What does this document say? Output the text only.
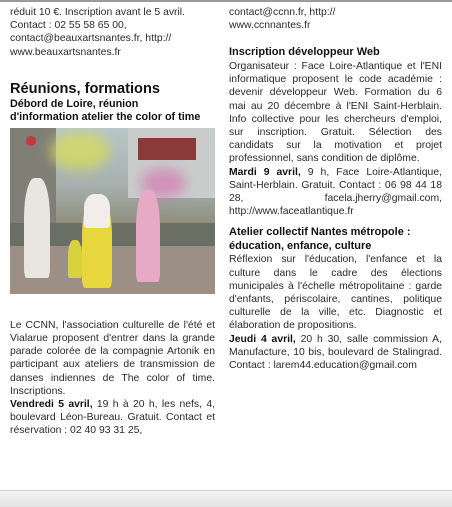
réduit 10 €. Inscription avant le 5 avril.

Contact : 02 55 58 65 00,

contact@beauxartsnantes.fr, http://

www.beauxartsnantes.fr

Réunions, formations
Débord de Loire, réunion
d'information atelier the color of time

Le CCNN, l'association culturelle de l'été et Vialarue proposent d'entrer dans la grande parade colorée de la compagnie Artonik en participant aux ateliers de transmission de danses indiennes de The color of time. Inscriptions.

Vendredi 5 avril, 19 h à 20 h, les nefs, 4, boulevard Léon-Bureau. Gratuit. Contact et réservation : 02 40 93 31 25,

contact@ccnn.fr, http://

www.ccnnantes.fr

Inscription développeur Web

Organisateur : Face Loire-Atlantique et l'ENI informatique proposent le code académie : devenir développeur Web. Formation du 6 mai au 20 décembre à l'ENI Saint-Herblain. Info collective pour les chercheurs d'emploi, sur inscription. Gratuit. Sélection des candidats sur la motivation et projet professionnel, sans condition de diplôme.

Mardi 9 avril, 9 h, Face Loire-Atlantique, Saint-Herblain. Gratuit. Contact : 06 98 44 18 28, facela.jherry@gmail.com, http://www.faceatlantique.fr

Atelier collectif Nantes métropole :
éducation, enfance, culture

Réflexion sur l'éducation, l'enfance et la culture dans le cadre des élections municipales à l'échelle métropolitaine : garde d'enfants, périscolaire, cantines, politique culturelle de la ville, etc. Diagnostic et élaboration de propositions.

Jeudi 4 avril, 20 h 30, salle commission A, Manufacture, 10 bis, boulevard de Stalingrad. Contact : larem44.education@gmail.com
